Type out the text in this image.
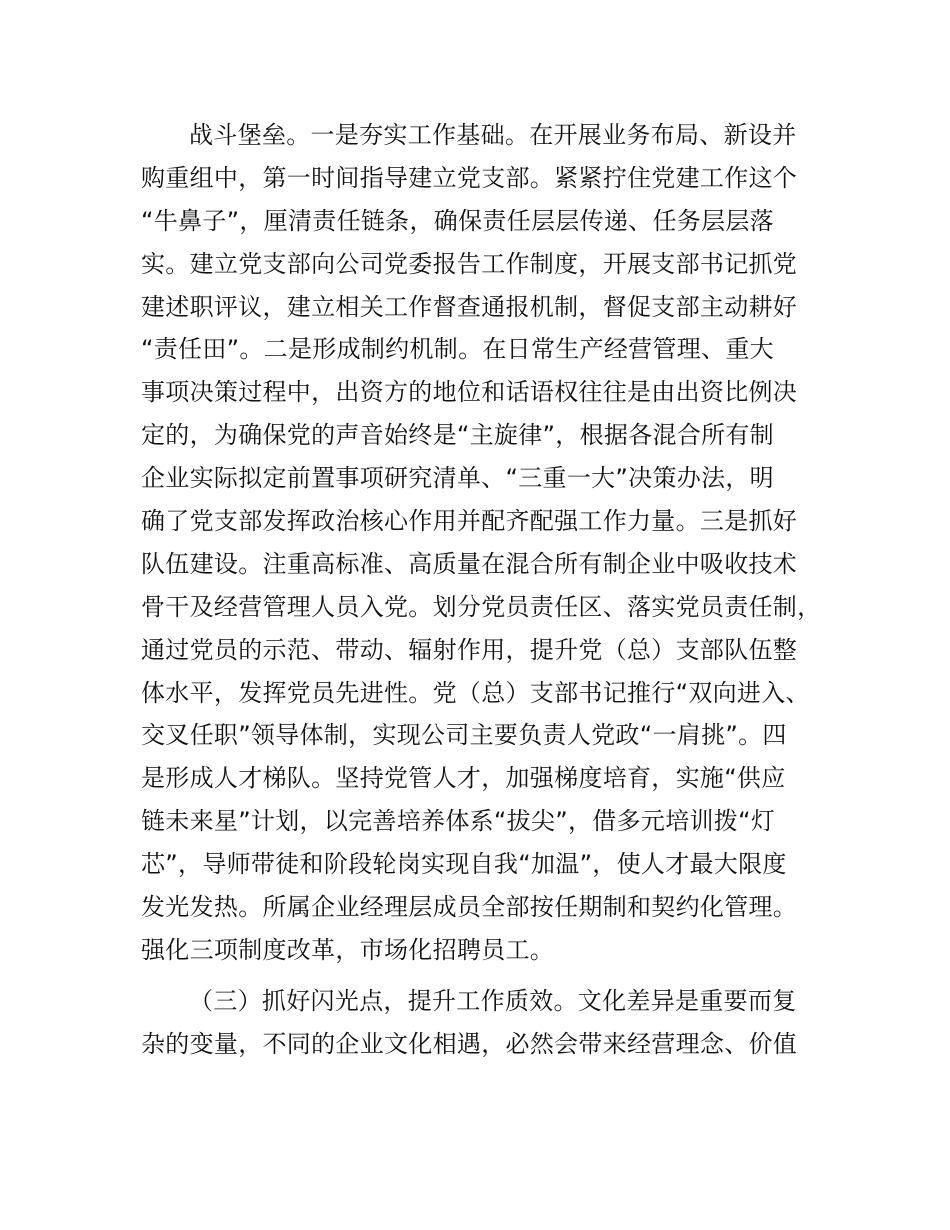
战斗堡垒。一是夯实工作基础。在开展业务布局、新设并
购重组中，第一时间指导建立党支部。紧紧拧住党建工作这个
“牛鼻子”，厘清责任链条，确保责任层层传递、任务层层落
实。建立党支部向公司党委报告工作制度，开展支部书记抓党
建述职评议，建立相关工作督查通报机制，督促支部主动耕好
“责任田”。二是形成制约机制。在日常生产经营管理、重大
事项决策过程中，出资方的地位和话语权往往是由出资比例决
定的，为确保党的声音始终是“主旋律”，根据各混合所有制
企业实际拟定前置事项研究清单、“三重一大”决策办法，明
确了党支部发挥政治核心作用并配齐配强工作力量。三是抓好
队伍建设。注重高标准、高质量在混合所有制企业中吸收技术
骨干及经营管理人员入党。划分党员责任区、落实党员责任制，
通过党员的示范、带动、辐射作用，提升党（总）支部队伍整
体水平，发挥党员先进性。党（总）支部书记推行“双向进入、
交叉任职”领导体制，实现公司主要负责人党政“一肩挑”。四
是形成人才梯队。坚持党管人才，加强梯度培育，实施“供应
链未来星”计划，以完善培养体系“拔尖”，借多元培训拨“灯
芯”，导师带徒和阶段轮岗实现自我“加温”，使人才最大限度
发光发热。所属企业经理层成员全部按任期制和契约化管理。
强化三项制度改革，市场化招聘员工。
（三）抓好闪光点，提升工作质效。文化差异是重要而复
杂的变量，不同的企业文化相遇，必然会带来经营理念、价值
